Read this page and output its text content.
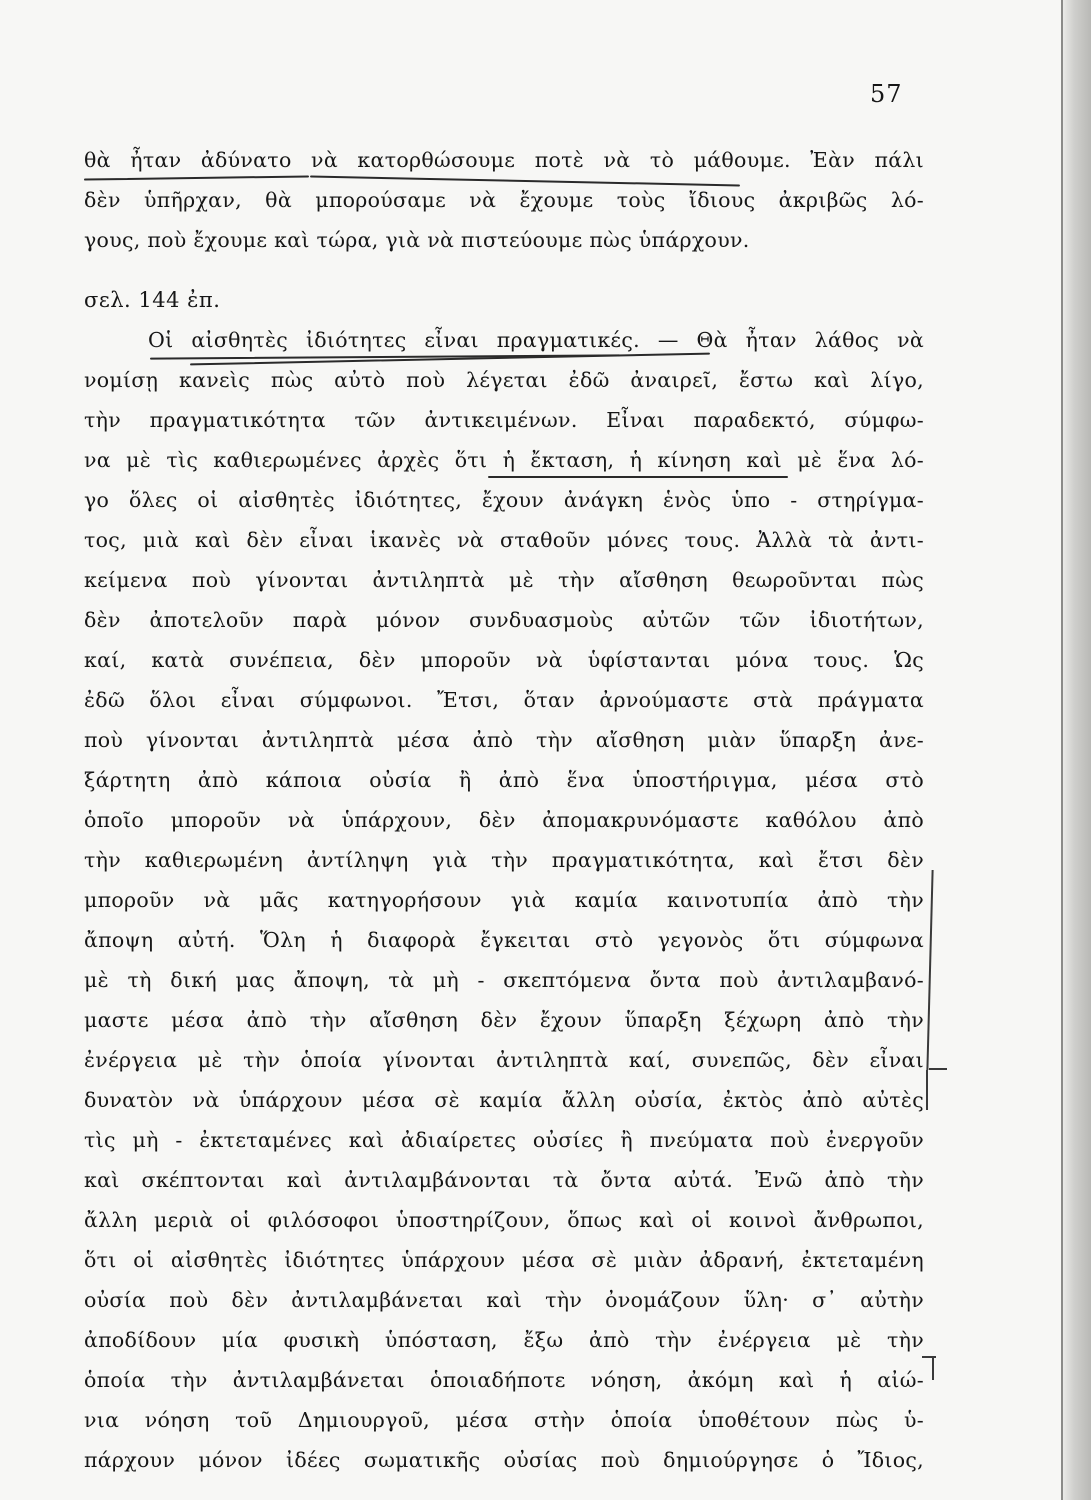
57
θὰ ἦταν ἀδύνατο νὰ κατορθώσουμε ποτὲ νὰ τὸ μάθουμε. Ἐὰν πάλι
δὲν ὑπῆρχαν, θὰ μπορούσαμε νὰ ἔχουμε τοὺς ἴδιους ἀκριβῶς λό-
γους, ποὺ ἔχουμε καὶ τώρα, γιὰ νὰ πιστεύουμε πὼς ὑπάρχουν.
σελ. 144 ἐπ.
Οἱ αἰσθητὲς ἰδιότητες εἶναι πραγματικές. — Θὰ ἦταν λάθος νὰ
νομίσῃ κανεὶς πὼς αὐτὸ ποὺ λέγεται ἐδῶ ἀναιρεῖ, ἔστω καὶ λίγο,
τὴν πραγματικότητα τῶν ἀντικειμένων. Εἶναι παραδεκτό, σύμφω-
να μὲ τὶς καθιερωμένες ἀρχὲς ὅτι ἡ ἔκταση, ἡ κίνηση καὶ μὲ ἕνα λό-
γο ὅλες οἱ αἰσθητὲς ἰδιότητες, ἔχουν ἀνάγκη ἑνὸς ὑπο - στηρίγμα-
τος, μιὰ καὶ δὲν εἶναι ἱκανὲς νὰ σταθοῦν μόνες τους. Ἀλλὰ τὰ ἀντι-
κείμενα ποὺ γίνονται ἀντιληπτὰ μὲ τὴν αἴσθηση θεωροῦνται πὼς
δὲν ἀποτελοῦν παρὰ μόνον συνδυασμοὺς αὐτῶν τῶν ἰδιοτήτων,
καί, κατὰ συνέπεια, δὲν μποροῦν νὰ ὑφίστανται μόνα τους. Ὡς
ἐδῶ ὅλοι εἶναι σύμφωνοι. Ἔτσι, ὅταν ἀρνούμαστε στὰ πράγματα
ποὺ γίνονται ἀντιληπτὰ μέσα ἀπὸ τὴν αἴσθηση μιὰν ὕπαρξη ἀνε-
ξάρτητη ἀπὸ κάποια οὐσία ἢ ἀπὸ ἕνα ὑποστήριγμα, μέσα στὸ
ὁποῖο μποροῦν νὰ ὑπάρχουν, δὲν ἀπομακρυνόμαστε καθόλου ἀπὸ
τὴν καθιερωμένη ἀντίληψη γιὰ τὴν πραγματικότητα, καὶ ἔτσι δὲν
μποροῦν νὰ μᾶς κατηγορήσουν γιὰ καμία καινοτυπία ἀπὸ τὴν
ἄποψη αὐτή. Ὅλη ἡ διαφορὰ ἔγκειται στὸ γεγονὸς ὅτι σύμφωνα
μὲ τὴ δική μας ἄποψη, τὰ μὴ - σκεπτόμενα ὄντα ποὺ ἀντιλαμβανό-
μαστε μέσα ἀπὸ τὴν αἴσθηση δὲν ἔχουν ὕπαρξη ξέχωρη ἀπὸ τὴν
ἐνέργεια μὲ τὴν ὁποία γίνονται ἀντιληπτὰ καί, συνεπῶς, δὲν εἶναι
δυνατὸν νὰ ὑπάρχουν μέσα σὲ καμία ἄλλη οὐσία, ἐκτὸς ἀπὸ αὐτὲς
τὶς μὴ - ἐκτεταμένες καὶ ἀδιαίρετες οὐσίες ἢ πνεύματα ποὺ ἐνεργοῦν
καὶ σκέπτονται καὶ ἀντιλαμβάνονται τὰ ὄντα αὐτά. Ἐνῶ ἀπὸ τὴν
ἄλλη μεριὰ οἱ φιλόσοφοι ὑποστηρίζουν, ὅπως καὶ οἱ κοινοὶ ἄνθρωποι,
ὅτι οἱ αἰσθητὲς ἰδιότητες ὑπάρχουν μέσα σὲ μιὰν ἀδρανή, ἐκτεταμένη
οὐσία ποὺ δὲν ἀντιλαμβάνεται καὶ τὴν ὀνομάζουν ὕλη· σ᾽ αὐτὴν
ἀποδίδουν μία φυσικὴ ὑπόσταση, ἔξω ἀπὸ τὴν ἐνέργεια μὲ τὴν
ὁποία τὴν ἀντιλαμβάνεται ὁποιαδήποτε νόηση, ἀκόμη καὶ ἡ αἰώ-
νια νόηση τοῦ Δημιουργοῦ, μέσα στὴν ὁποία ὑποθέτουν πὼς ὑ-
πάρχουν μόνον ἰδέες σωματικῆς οὐσίας ποὺ δημιούργησε ὁ Ἴδιος,
